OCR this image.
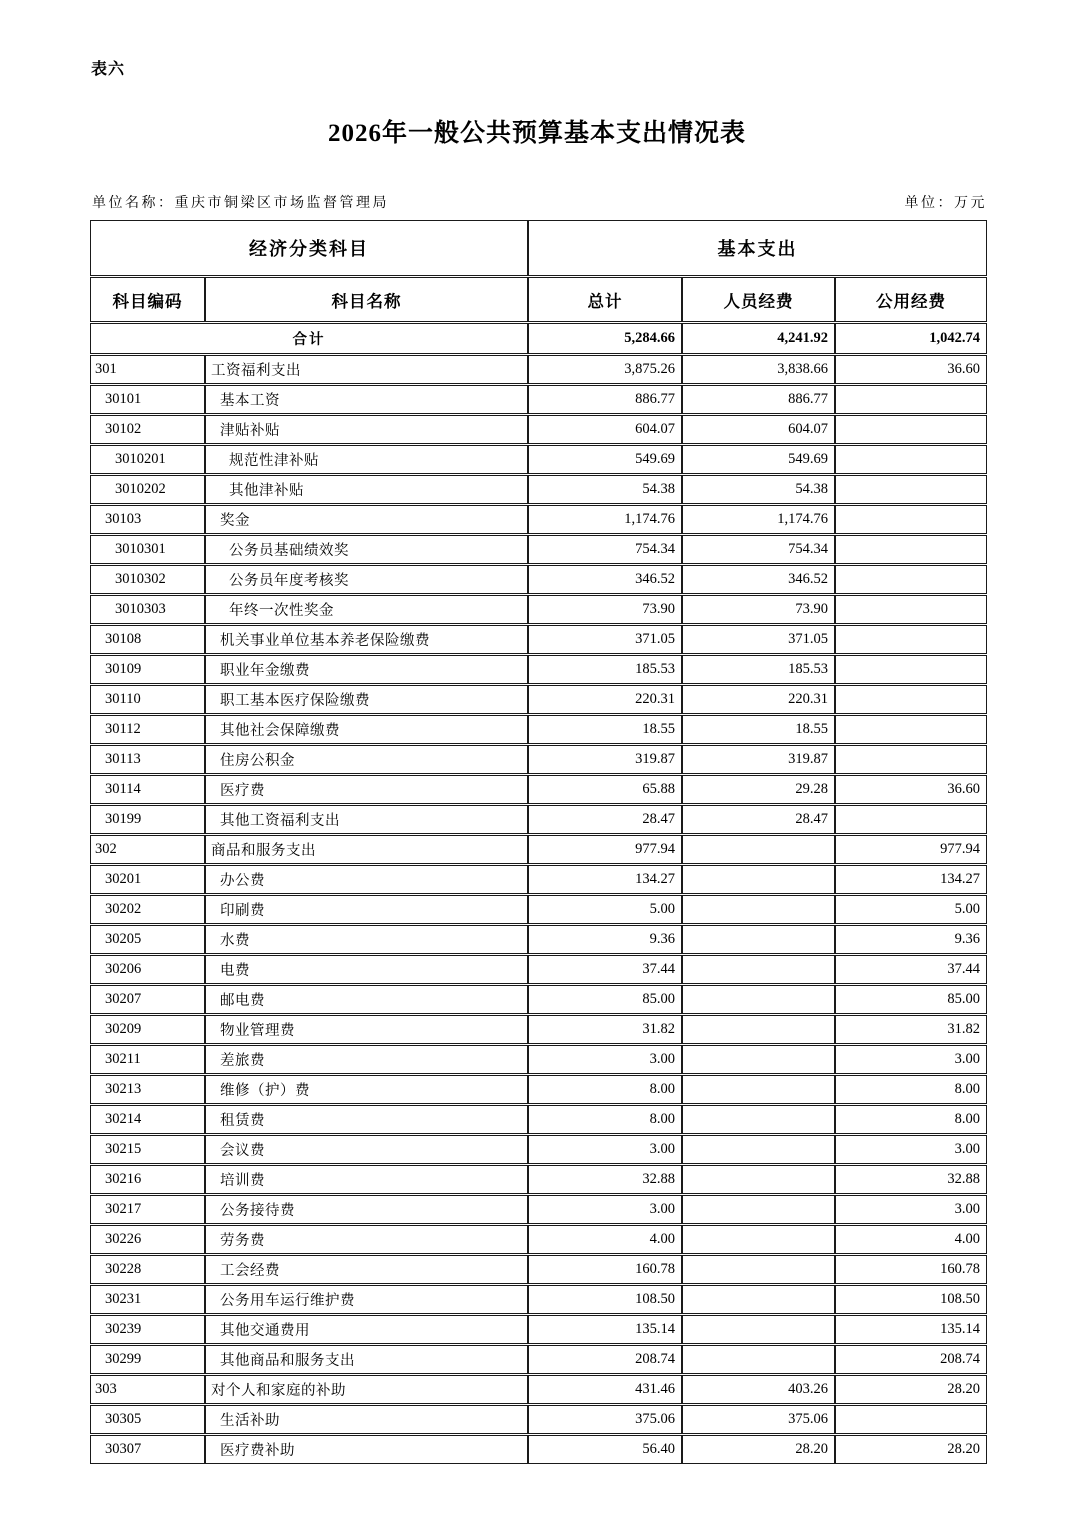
表六
2026年一般公共预算基本支出情况表
单位名称：重庆市铜梁区市场监督管理局	单位：万元
经济分类科目		基本支出		
科目编码	科目名称	总计	人员经费	公用经费
合计		5,284.66	4,241.92	1,042.74
301	工资福利支出	3,875.26	3,838.66	36.60
30101	基本工资	886.77	886.77	
30102	津贴补贴	604.07	604.07	
3010201	规范性津补贴	549.69	549.69	
3010202	其他津补贴	54.38	54.38	
30103	奖金	1,174.76	1,174.76	
3010301	公务员基础绩效奖	754.34	754.34	
3010302	公务员年度考核奖	346.52	346.52	
3010303	年终一次性奖金	73.90	73.90	
30108	机关事业单位基本养老保险缴费	371.05	371.05	
30109	职业年金缴费	185.53	185.53	
30110	职工基本医疗保险缴费	220.31	220.31	
30112	其他社会保障缴费	18.55	18.55	
30113	住房公积金	319.87	319.87	
30114	医疗费	65.88	29.28	36.60
30199	其他工资福利支出	28.47	28.47	
302	商品和服务支出	977.94		977.94
30201	办公费	134.27		134.27
30202	印刷费	5.00		5.00
30205	水费	9.36		9.36
30206	电费	37.44		37.44
30207	邮电费	85.00		85.00
30209	物业管理费	31.82		31.82
30211	差旅费	3.00		3.00
30213	维修（护）费	8.00		8.00
30214	租赁费	8.00		8.00
30215	会议费	3.00		3.00
30216	培训费	32.88		32.88
30217	公务接待费	3.00		3.00
30226	劳务费	4.00		4.00
30228	工会经费	160.78		160.78
30231	公务用车运行维护费	108.50		108.50
30239	其他交通费用	135.14		135.14
30299	其他商品和服务支出	208.74		208.74
303	对个人和家庭的补助	431.46	403.26	28.20
30305	生活补助	375.06	375.06	
30307	医疗费补助	56.40	28.20	28.20
